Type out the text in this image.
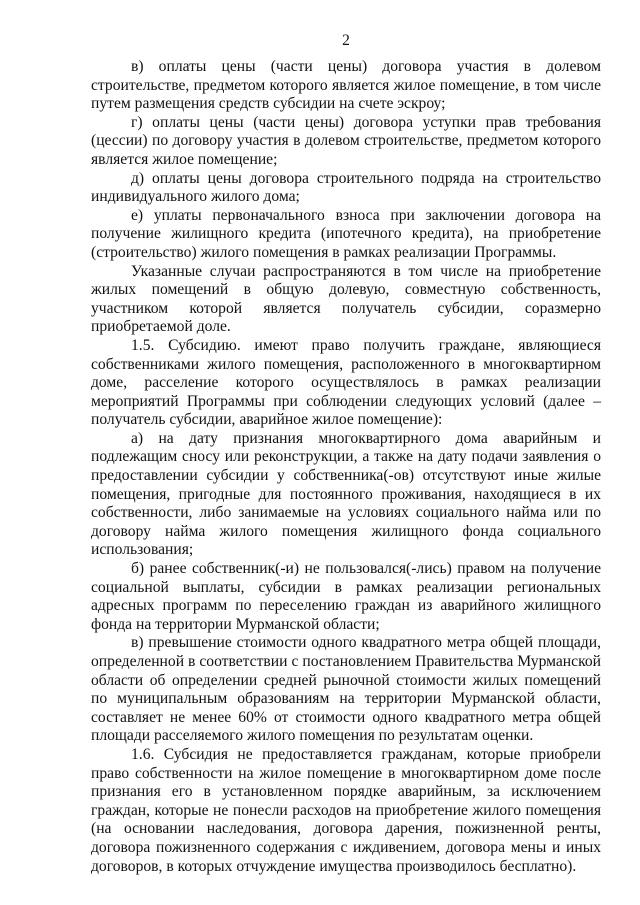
2

в) оплаты цены (части цены) договора участия в долевом строительстве, предметом которого является жилое помещение, в том числе путем размещения средств субсидии на счете эскроу;

г) оплаты цены (части цены) договора уступки прав требования (цессии) по договору участия в долевом строительстве, предметом которого является жилое помещение;

д) оплаты цены договора строительного подряда на строительство индивидуального жилого дома;

е) уплаты первоначального взноса при заключении договора на получение жилищного кредита (ипотечного кредита), на приобретение (строительство) жилого помещения в рамках реализации Программы.

Указанные случаи распространяются в том числе на приобретение жилых помещений в общую долевую, совместную собственность, участником которой является получатель субсидии, соразмерно приобретаемой доле.

1.5. Субсидию. имеют право получить граждане, являющиеся собственниками жилого помещения, расположенного в многоквартирном доме, расселение которого осуществлялось в рамках реализации мероприятий Программы при соблюдении следующих условий (далее – получатель субсидии, аварийное жилое помещение):

а) на дату признания многоквартирного дома аварийным и подлежащим сносу или реконструкции, а также на дату подачи заявления о предоставлении субсидии у собственника(-ов) отсутствуют иные жилые помещения, пригодные для постоянного проживания, находящиеся в их собственности, либо занимаемые на условиях социального найма или по договору найма жилого помещения жилищного фонда социального использования;

б) ранее собственник(-и) не пользовался(-лись) правом на получение социальной выплаты, субсидии в рамках реализации региональных адресных программ по переселению граждан из аварийного жилищного фонда на территории Мурманской области;

в) превышение стоимости одного квадратного метра общей площади, определенной в соответствии с постановлением Правительства Мурманской области об определении средней рыночной стоимости жилых помещений по муниципальным образованиям на территории Мурманской области, составляет не менее 60% от стоимости одного квадратного метра общей площади расселяемого жилого помещения по результатам оценки.

1.6. Субсидия не предоставляется гражданам, которые приобрели право собственности на жилое помещение в многоквартирном доме после признания его в установленном порядке аварийным, за исключением граждан, которые не понесли расходов на приобретение жилого помещения (на основании наследования, договора дарения, пожизненной ренты, договора пожизненного содержания с иждивением, договора мены и иных договоров, в которых отчуждение имущества производилось бесплатно).
